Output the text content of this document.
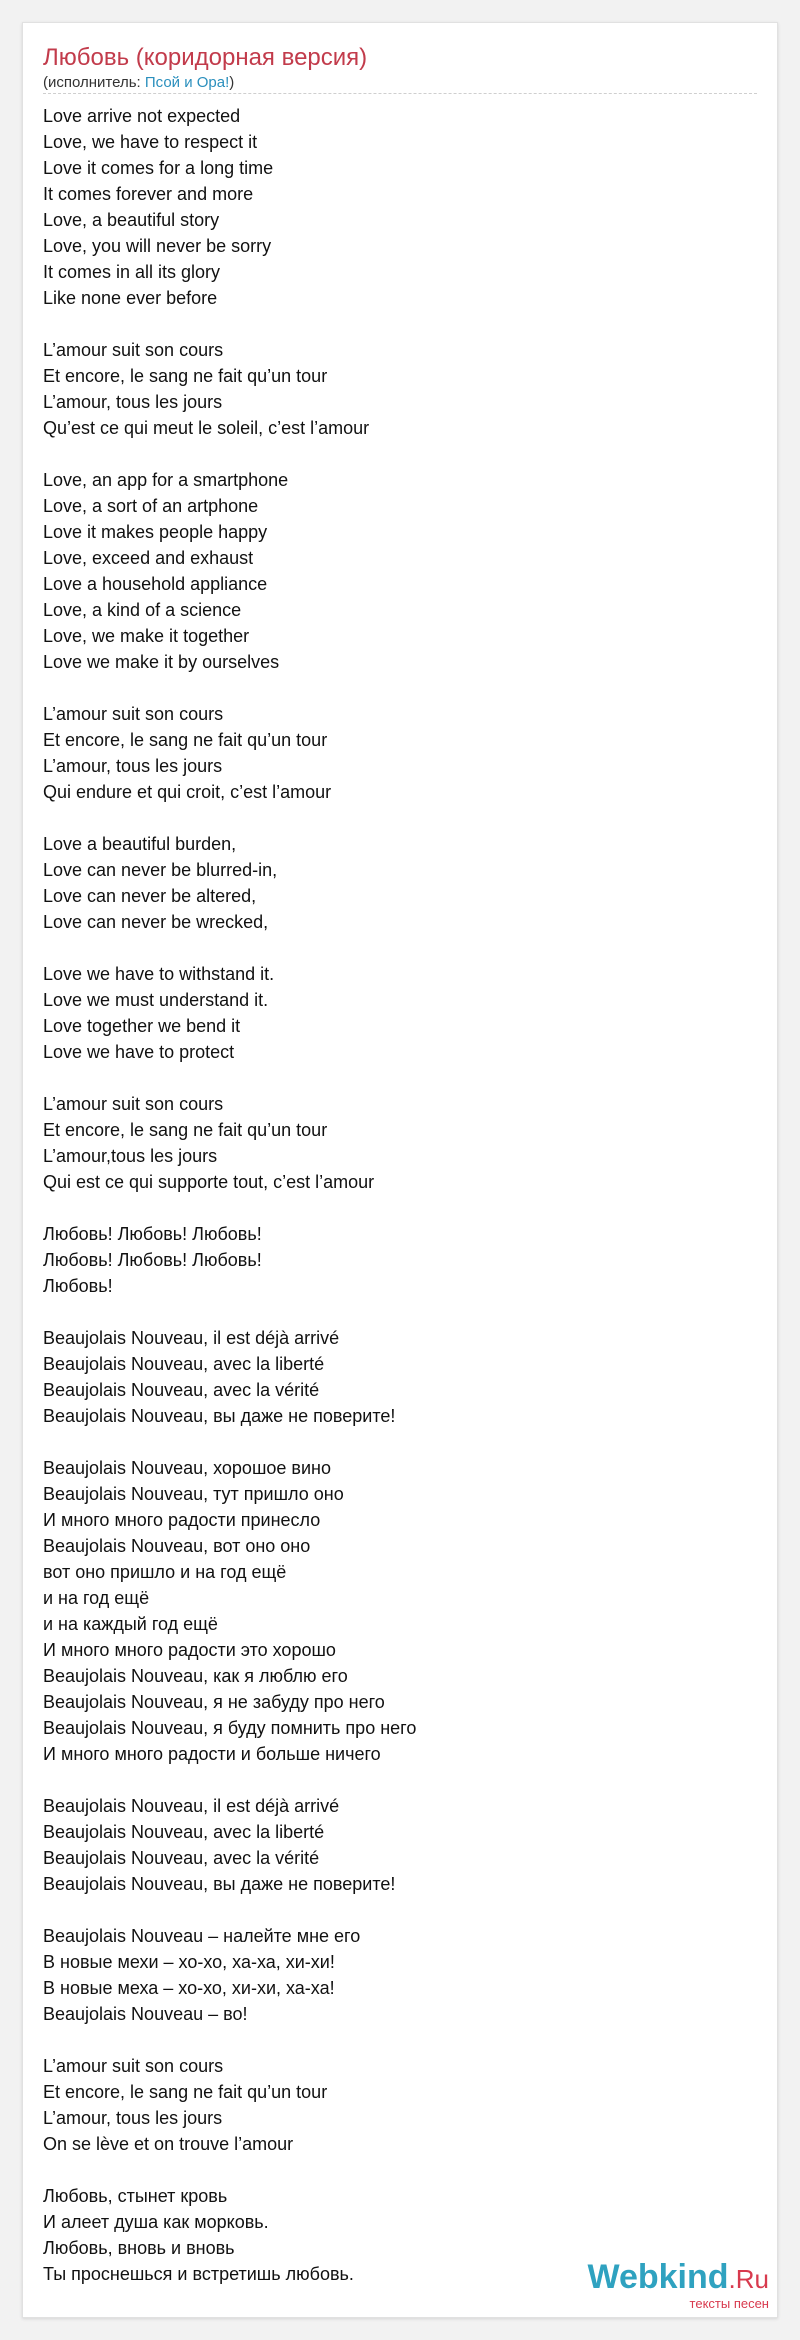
Любовь (коридорная версия)
(исполнитель: Псой и Opa!)
Love arrive not expected
Love, we have to respect it
Love it comes for a long time
It comes forever and more
Love, a beautiful story
Love, you will never be sorry
It comes in all its glory
Like none ever before
L’amour suit son cours
Et encore, le sang ne fait qu’un tour
L’amour, tous les jours
Qu’est ce qui meut le soleil, c’est l’amour
Love, an app for a smartphone
Love, a sort of an artphone
Love it makes people happy
Love, exceed and exhaust
Love a household appliance
Love, a kind of a science
Love, we make it together
Love we make it by ourselves
L’amour suit son cours
Et encore, le sang ne fait qu’un tour
L’amour, tous les jours
Qui endure et qui croit, c’est l’amour
Love a beautiful burden,
Love can never be blurred-in,
Love can never be altered,
Love can never be wrecked,
Love we have to withstand it.
Love we must understand it.
Love together we bend it
Love we have to protect
L’amour suit son cours
Et encore, le sang ne fait qu’un tour
L’amour,tous les jours
Qui est ce qui supporte tout, c’est l’amour
Любовь! Любовь! Любовь!
Любовь! Любовь! Любовь!
Любовь!
Beaujolais Nouveau, il est déjà arrivé
Beaujolais Nouveau, avec la liberté
Beaujolais Nouveau, avec la vérité
Beaujolais Nouveau, вы даже не поверите!
Beaujolais Nouveau, хорошое вино
Beaujolais Nouveau, тут пришло оно
И много много радости принесло
Beaujolais Nouveau, вот оно оно
вот оно пришло и на год ещё
и на год ещё
и на каждый год ещё
И много много радости это хорошо
Beaujolais Nouveau, как я люблю его
Beaujolais Nouveau, я не забуду про него
Beaujolais Nouveau, я буду помнить про него
И много много радости и больше ничего
Beaujolais Nouveau, il est déjà arrivé
Beaujolais Nouveau, avec la liberté
Beaujolais Nouveau, avec la vérité
Beaujolais Nouveau, вы даже не поверите!
Beaujolais Nouveau – налейте мне его
В новые мехи – хо-хо, ха-ха, хи-хи!
В новые меха – хо-хо, хи-хи, ха-ха!
Beaujolais Nouveau – во!
L’amour suit son cours
Et encore, le sang ne fait qu’un tour
L’amour, tous les jours
On se lève et on trouve l’amour
Любовь, стынет кровь
И алеет душа как морковь.
Любовь, вновь и вновь
Ты проснешься и встретишь любовь.	Webkind.Ru
тексты песен
